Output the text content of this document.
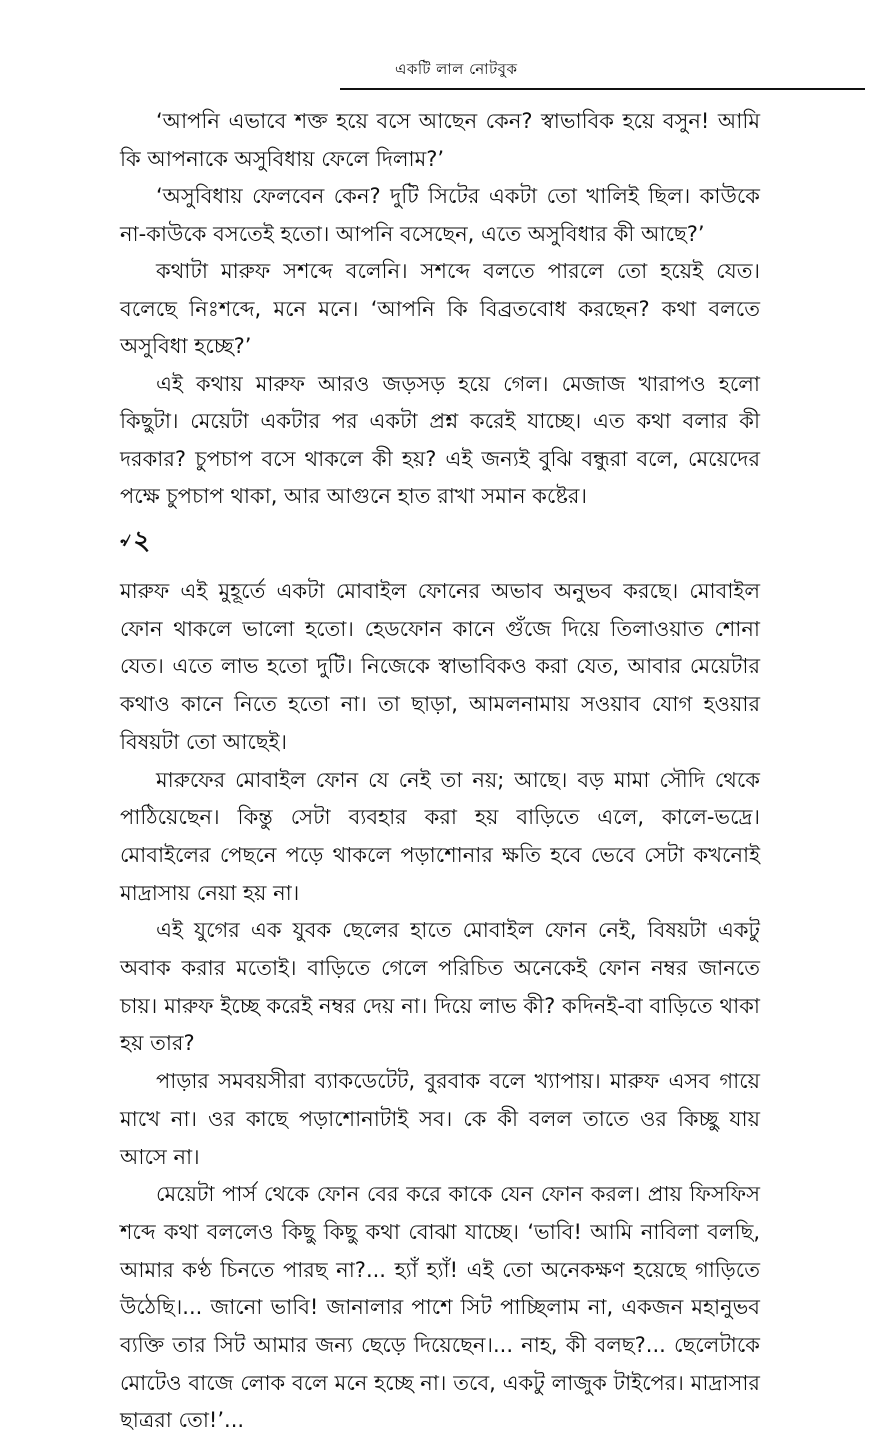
একটি লাল নোটবুক

‘আপনি এভাবে শক্ত হয়ে বসে আছেন কেন? স্বাভাবিক হয়ে বসুন! আমি কি আপনাকে অসুবিধায় ফেলে দিলাম?’

‘অসুবিধায় ফেলবেন কেন? দুটি সিটের একটা তো খালিই ছিল। কাউকে না-কাউকে বসতেই হতো। আপনি বসেছেন, এতে অসুবিধার কী আছে?’

কথাটা মারুফ সশব্দে বলেনি। সশব্দে বলতে পারলে তো হয়েই যেত। বলেছে নিঃশব্দে, মনে মনে। ‘আপনি কি বিব্রতবোধ করছেন? কথা বলতে অসুবিধা হচ্ছে?’

এই কথায় মারুফ আরও জড়সড় হয়ে গেল। মেজাজ খারাপও হলো কিছুটা। মেয়েটা একটার পর একটা প্রশ্ন করেই যাচ্ছে। এত কথা বলার কী দরকার? চুপচাপ বসে থাকলে কী হয়? এই জন্যই বুঝি বন্ধুরা বলে, মেয়েদের পক্ষে চুপচাপ থাকা, আর আগুনে হাত রাখা সমান কষ্টের।

৵২

মারুফ এই মুহূর্তে একটা মোবাইল ফোনের অভাব অনুভব করছে। মোবাইল ফোন থাকলে ভালো হতো। হেডফোন কানে গুঁজে দিয়ে তিলাওয়াত শোনা যেত। এতে লাভ হতো দুটি। নিজেকে স্বাভাবিকও করা যেত, আবার মেয়েটার কথাও কানে নিতে হতো না। তা ছাড়া, আমলনামায় সওয়াব যোগ হওয়ার বিষয়টা তো আছেই।

মারুফের মোবাইল ফোন যে নেই তা নয়; আছে। বড় মামা সৌদি থেকে পাঠিয়েছেন। কিন্তু সেটা ব্যবহার করা হয় বাড়িতে এলে, কালে-ভদ্রে। মোবাইলের পেছনে পড়ে থাকলে পড়াশোনার ক্ষতি হবে ভেবে সেটা কখনোই মাদ্রাসায় নেয়া হয় না।

এই যুগের এক যুবক ছেলের হাতে মোবাইল ফোন নেই, বিষয়টা একটু অবাক করার মতোই। বাড়িতে গেলে পরিচিত অনেকেই ফোন নম্বর জানতে চায়। মারুফ ইচ্ছে করেই নম্বর দেয় না। দিয়ে লাভ কী? কদিনই-বা বাড়িতে থাকা হয় তার?

পাড়ার সমবয়সীরা ব্যাকডেটেট, বুরবাক বলে খ্যাপায়। মারুফ এসব গায়ে মাখে না। ওর কাছে পড়াশোনাটাই সব। কে কী বলল তাতে ওর কিচ্ছু যায় আসে না।

মেয়েটা পার্স থেকে ফোন বের করে কাকে যেন ফোন করল। প্রায় ফিসফিস শব্দে কথা বললেও কিছু কিছু কথা বোঝা যাচ্ছে। ‘ভাবি! আমি নাবিলা বলছি, আমার কণ্ঠ চিনতে পারছ না?... হ্যাঁ হ্যাঁ! এই তো অনেকক্ষণ হয়েছে গাড়িতে উঠেছি।... জানো ভাবি! জানালার পাশে সিট পাচ্ছিলাম না, একজন মহানুভব ব্যক্তি তার সিট আমার জন্য ছেড়ে দিয়েছেন।... নাহ, কী বলছ?... ছেলেটাকে মোটেও বাজে লোক বলে মনে হচ্ছে না। তবে, একটু লাজুক টাইপের। মাদ্রাসার ছাত্ররা তো!’...
